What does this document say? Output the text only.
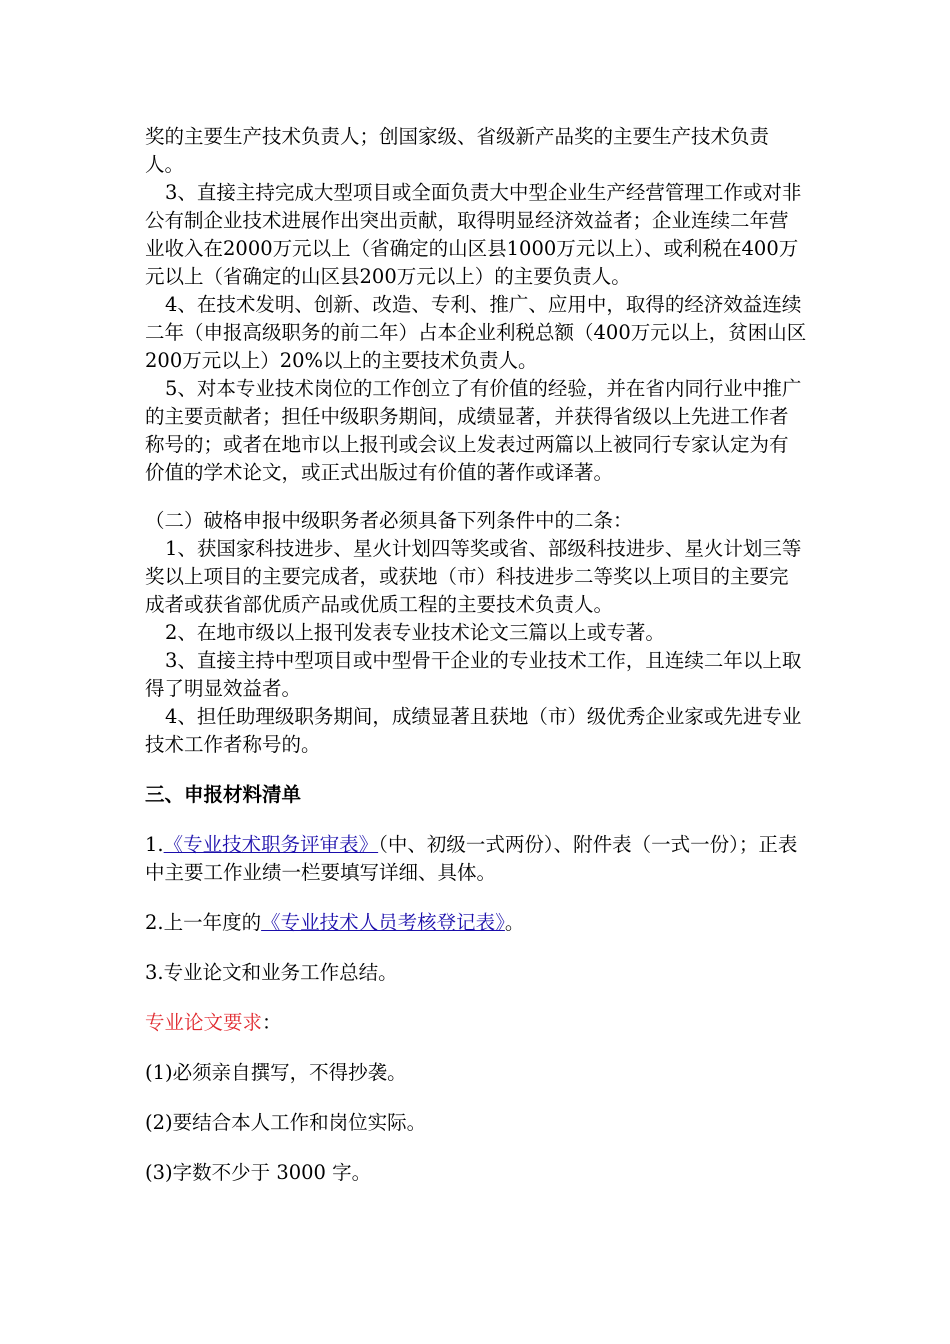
奖的主要生产技术负责人；创国家级、省级新产品奖的主要生产技术负责人。

3、直接主持完成大型项目或全面负责大中型企业生产经营管理工作或对非公有制企业技术进展作出突出贡献，取得明显经济效益者；企业连续二年营业收入在2000万元以上（省确定的山区县1000万元以上）、或利税在400万元以上（省确定的山区县200万元以上）的主要负责人。

4、在技术发明、创新、改造、专利、推广、应用中，取得的经济效益连续二年（申报高级职务的前二年）占本企业利税总额（400万元以上，贫困山区200万元以上）20%以上的主要技术负责人。

5、对本专业技术岗位的工作创立了有价值的经验，并在省内同行业中推广的主要贡献者；担任中级职务期间，成绩显著，并获得省级以上先进工作者称号的；或者在地市以上报刊或会议上发表过两篇以上被同行专家认定为有价值的学术论文，或正式出版过有价值的著作或译著。

（二）破格申报中级职务者必须具备下列条件中的二条：

1、获国家科技进步、星火计划四等奖或省、部级科技进步、星火计划三等奖以上项目的主要完成者，或获地（市）科技进步二等奖以上项目的主要完成者或获省部优质产品或优质工程的主要技术负责人。

2、在地市级以上报刊发表专业技术论文三篇以上或专著。

3、直接主持中型项目或中型骨干企业的专业技术工作，且连续二年以上取得了明显效益者。

4、担任助理级职务期间，成绩显著且获地（市）级优秀企业家或先进专业技术工作者称号的。

三、申报材料清单

1.《专业技术职务评审表》（中、初级一式两份）、附件表（一式一份）；正表中主要工作业绩一栏要填写详细、具体。

2.上一年度的《专业技术人员考核登记表》。

3.专业论文和业务工作总结。

专业论文要求：

(1)必须亲自撰写，不得抄袭。

(2)要结合本人工作和岗位实际。

(3)字数不少于 3000 字。
